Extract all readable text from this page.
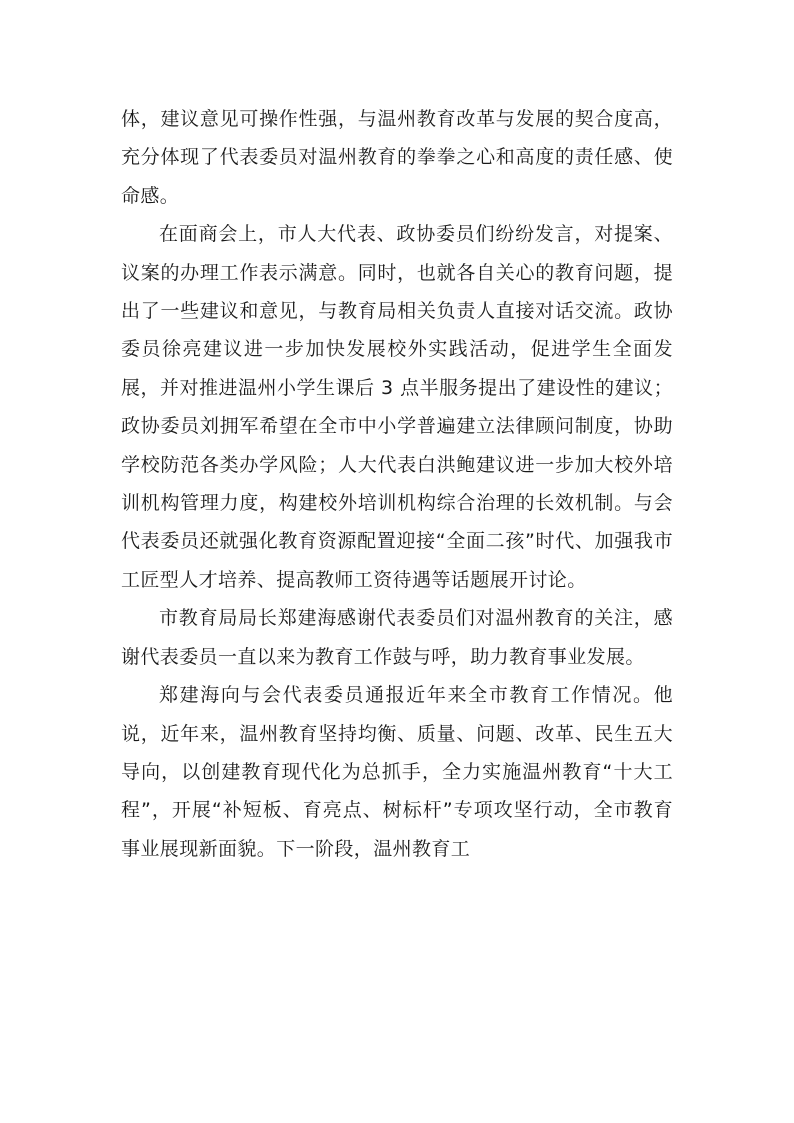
体，建议意见可操作性强，与温州教育改革与发展的契合度高，充分体现了代表委员对温州教育的拳拳之心和高度的责任感、使命感。

在面商会上，市人大代表、政协委员们纷纷发言，对提案、议案的办理工作表示满意。同时，也就各自关心的教育问题，提出了一些建议和意见，与教育局相关负责人直接对话交流。政协委员徐亮建议进一步加快发展校外实践活动，促进学生全面发展，并对推进温州小学生课后 3 点半服务提出了建设性的建议；政协委员刘拥军希望在全市中小学普遍建立法律顾问制度，协助学校防范各类办学风险；人大代表白洪鲍建议进一步加大校外培训机构管理力度，构建校外培训机构综合治理的长效机制。与会代表委员还就强化教育资源配置迎接“全面二孩”时代、加强我市工匠型人才培养、提高教师工资待遇等话题展开讨论。

市教育局局长郑建海感谢代表委员们对温州教育的关注，感谢代表委员一直以来为教育工作鼓与呼，助力教育事业发展。

郑建海向与会代表委员通报近年来全市教育工作情况。他说，近年来，温州教育坚持均衡、质量、问题、改革、民生五大导向，以创建教育现代化为总抓手，全力实施温州教育“十大工程”，开展“补短板、育亮点、树标杆”专项攻坚行动，全市教育事业展现新面貌。下一阶段，温州教育工
